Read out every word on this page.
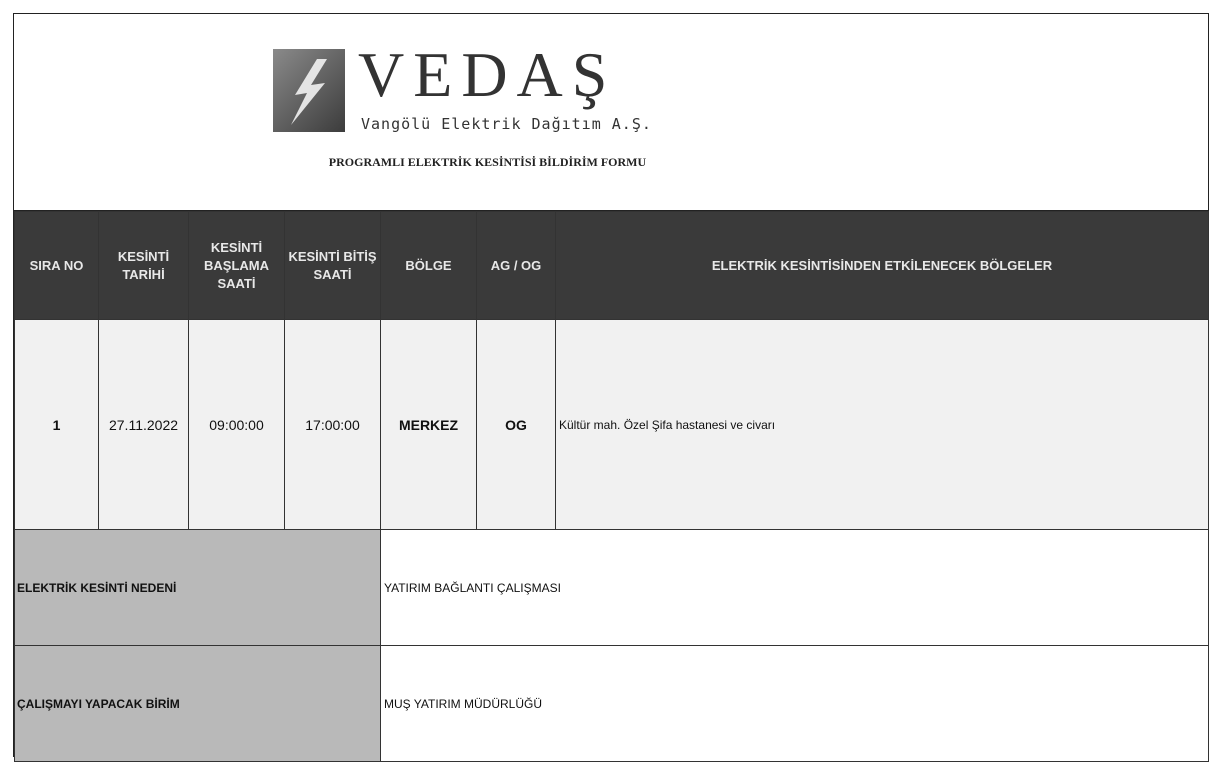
VEDAŞ
Vangölü Elektrik Dağıtım A.Ş.
PROGRAMLI ELEKTRİK KESİNTİSİ BİLDİRİM FORMU
SIRA NO	KESİNTİ TARİHİ	KESİNTİ BAŞLAMA SAATİ	KESİNTİ BİTİŞ SAATİ	BÖLGE	AG / OG	ELEKTRİK KESİNTİSİNDEN ETKİLENECEK BÖLGELER
1	27.11.2022	09:00:00	17:00:00	MERKEZ	OG	Kültür mah. Özel Şifa hastanesi ve civarı
ELEKTRİK KESİNTİ NEDENİ				YATIRIM BAĞLANTI ÇALIŞMASI		
ÇALIŞMAYI YAPACAK BİRİM				MUŞ YATIRIM MÜDÜRLÜĞÜ		
